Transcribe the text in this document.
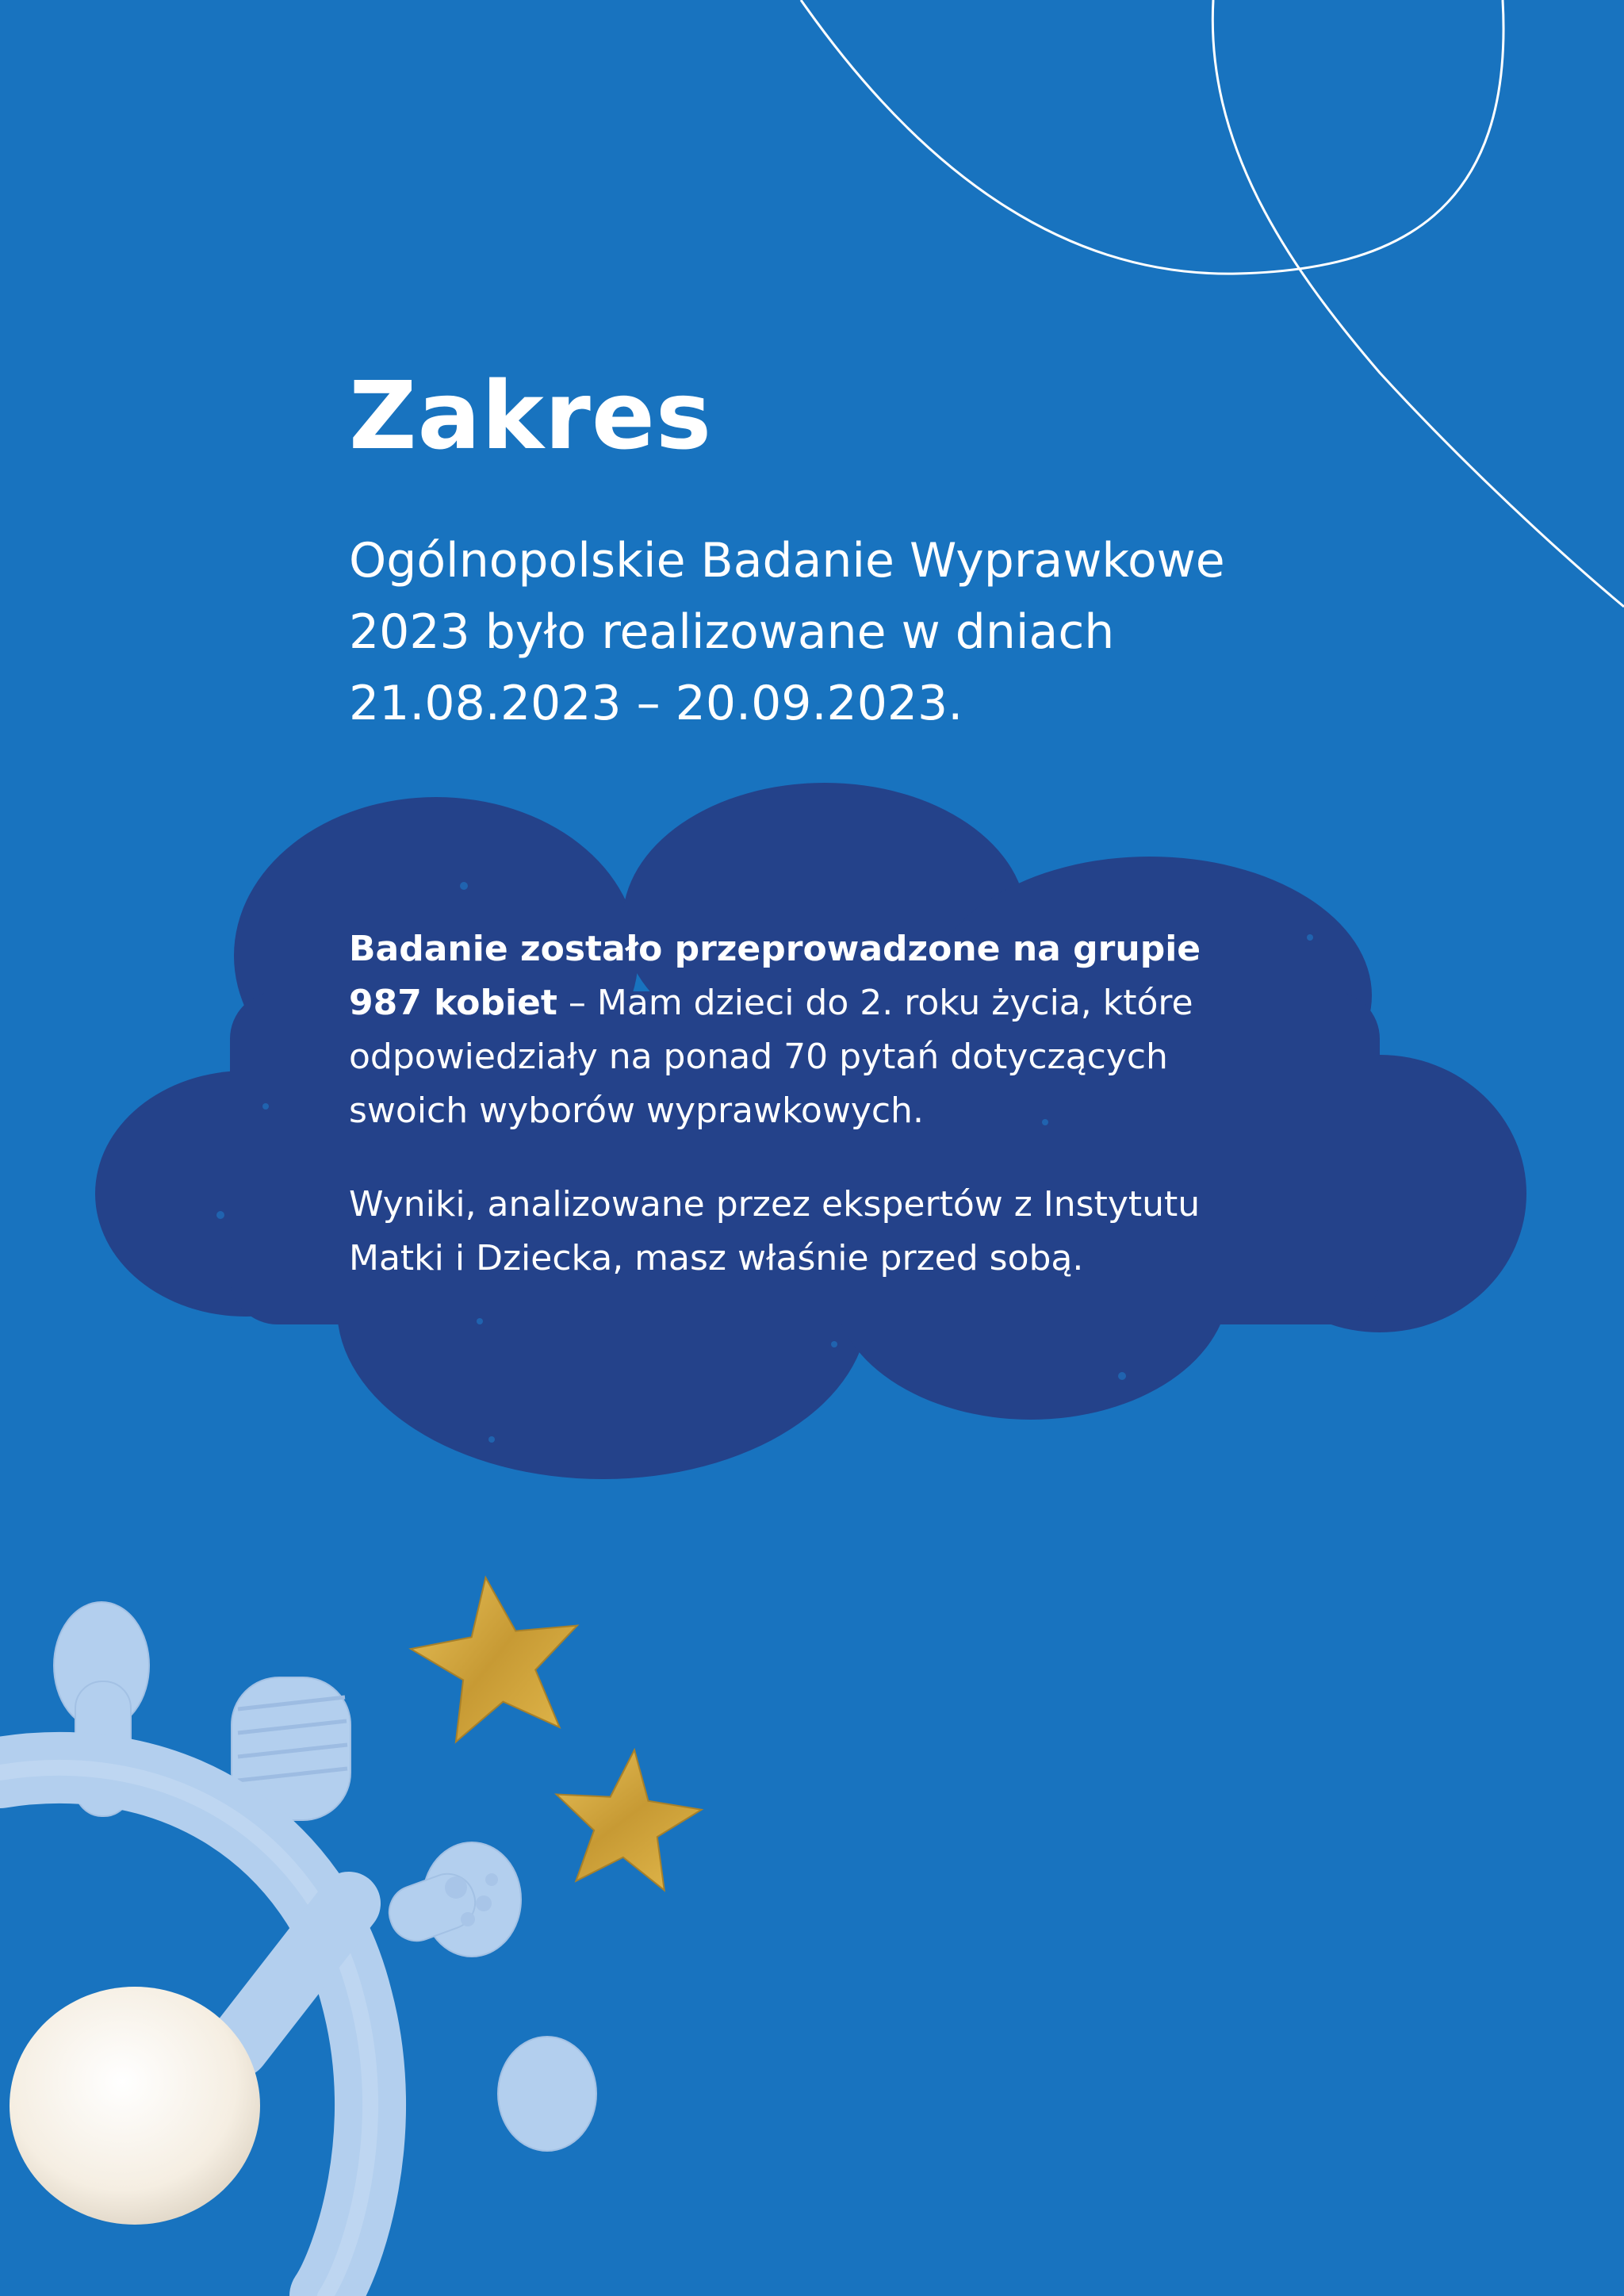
Zakres

Ogólnopolskie Badanie Wyprawkowe
2023 było realizowane w dniach
21.08.2023 – 20.09.2023.

Badanie zostało przeprowadzone na grupie
987 kobiet – Mam dzieci do 2. roku życia, które
odpowiedziały na ponad 70 pytań dotyczących
swoich wyborów wyprawkowych.

Wyniki, analizowane przez ekspertów z Instytutu
Matki i Dziecka, masz właśnie przed sobą.
